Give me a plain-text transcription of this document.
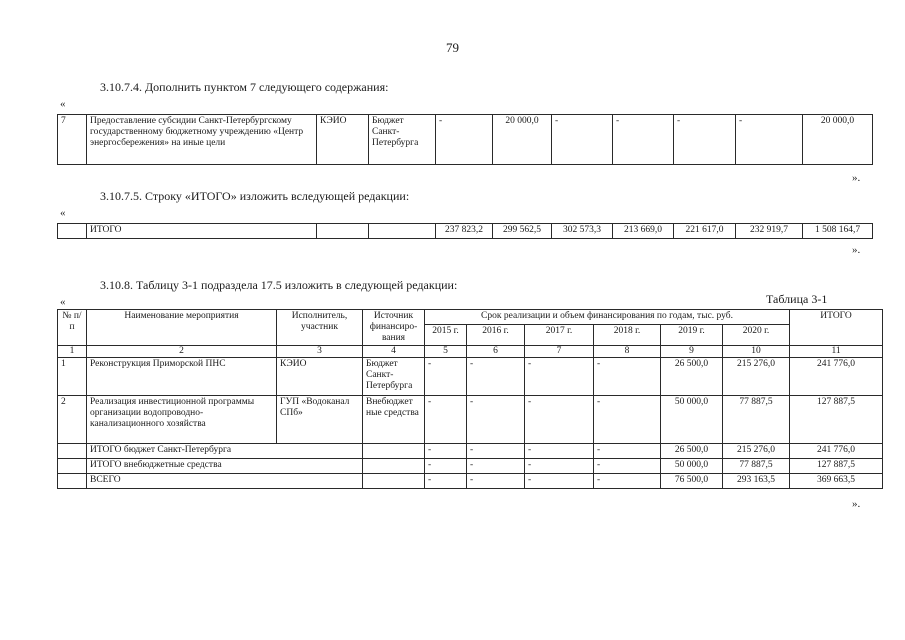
79
3.10.7.4. Дополнить пунктом 7 следующего содержания:
«
7	Предоставление субсидии Санкт-Петербургскому государственному бюджетному учреждению «Центр энергосбережения» на иные цели	КЭИО	Бюджет Санкт-Петербурга	-	20 000,0	-	-	-	-	20 000,0
».
3.10.7.5. Строку «ИТОГО» изложить вследующей редакции:
«
	ИТОГО			237 823,2	299 562,5	302 573,3	213 669,0	221 617,0	232 919,7	1 508 164,7
».
3.10.8. Таблицу 3-1 подраздела 17.5 изложить в следующей редакции:
«	Таблица 3-1
№ п/п	Наименование мероприятия	Исполнитель, участник	Источник финансиро-вания	Срок реализации и объем финансирования по годам, тыс. руб.						ИТОГО
				2015 г.	2016 г.	2017 г.	2018 г.	2019 г.	2020 г.	
1	2	3	4	5	6	7	8	9	10	11
1	Реконструкция Приморской ПНС	КЭИО	Бюджет Санкт-Петербурга	-	-	-	-	26 500,0	215 276,0	241 776,0
2	Реализация инвестиционной программы организации водопроводно-канализационного хозяйства	ГУП «Водоканал СПб»	Внебюджет ные средства	-	-	-	-	50 000,0	77 887,5	127 887,5
	ИТОГО бюджет Санкт-Петербурга			-	-	-	-	26 500,0	215 276,0	241 776,0
	ИТОГО внебюджетные средства			-	-	-	-	50 000,0	77 887,5	127 887,5
	ВСЕГО			-	-	-	-	76 500,0	293 163,5	369 663,5
».
